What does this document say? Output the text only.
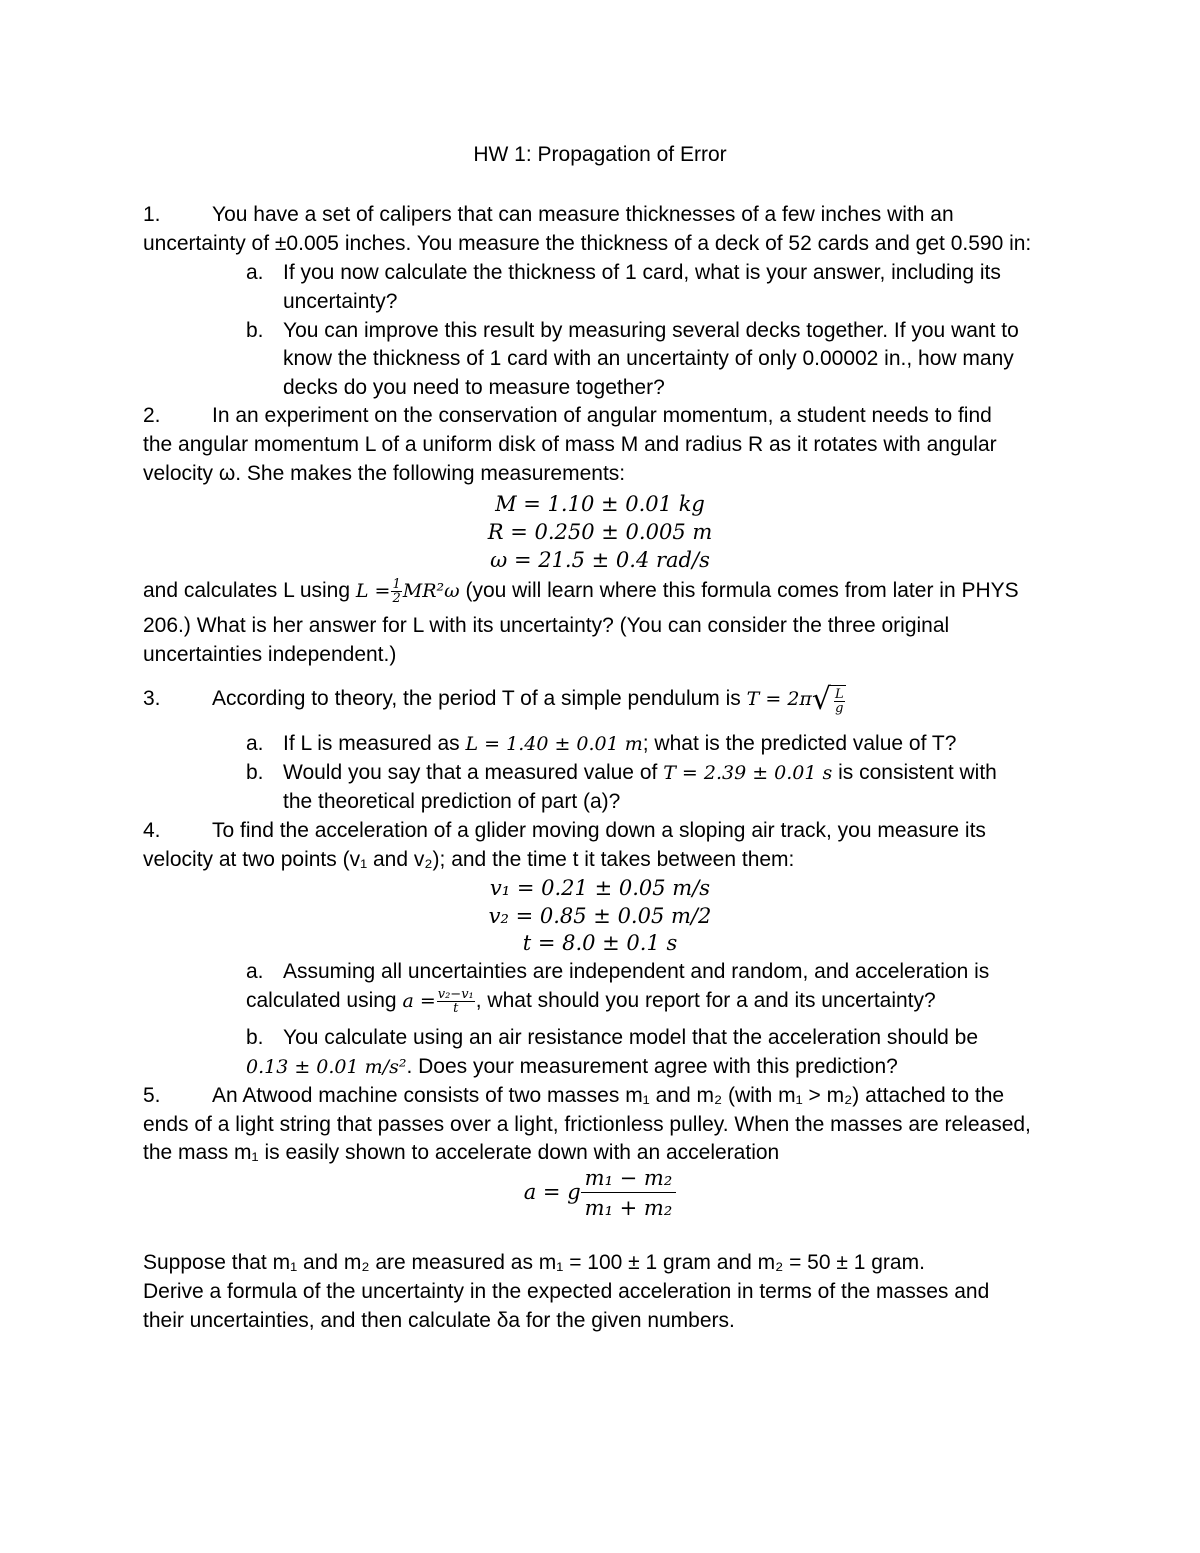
HW 1: Propagation of Error
1. You have a set of calipers that can measure thicknesses of a few inches with an
uncertainty of ±0.005 inches. You measure the thickness of a deck of 52 cards and get 0.590 in:
a. If you now calculate the thickness of 1 card, what is your answer, including its
uncertainty?
b. You can improve this result by measuring several decks together. If you want to
know the thickness of 1 card with an uncertainty of only 0.00002 in., how many
decks do you need to measure together?
2. In an experiment on the conservation of angular momentum, a student needs to find
the angular momentum L of a uniform disk of mass M and radius R as it rotates with angular
velocity ω. She makes the following measurements:
M = 1.10 ± 0.01 kg
R = 0.250 ± 0.005 m
ω = 21.5 ± 0.4 rad/s
and calculates L using $L = \frac{1}{2} MR^2\omega$ (you will learn where this formula comes from later in PHYS
206.) What is her answer for L with its uncertainty? (You can consider the three original
uncertainties independent.)
3. According to theory, the period T of a simple pendulum is $T = 2\pi√ \frac{L}{g}$
a. If L is measured as L = 1.40 ± 0.01 m; what is the predicted value of T?
b. Would you say that a measured value of T = 2.39 ± 0.01 s is consistent with
the theoretical prediction of part (a)?
4. To find the acceleration of a glider moving down a sloping air track, you measure its
velocity at two points (v₁ and v₂); and the time t it takes between them:
v₁ = 0.21 ± 0.05 m/s
v₂ = 0.85 ± 0.05 m/2
t = 8.0 ± 0.1 s
a. Assuming all uncertainties are independent and random, and acceleration is
calculated using $a = \frac{\text{v₂−v₁}}{t}$ , what should you report for a and its uncertainty?
b. You calculate using an air resistance model that the acceleration should be
0.13 ± 0.01 m/s². Does your measurement agree with this prediction?
5. An Atwood machine consists of two masses m₁ and m₂ (with m₁ > m₂) attached to the
ends of a light string that passes over a light, frictionless pulley. When the masses are released,
the mass m₁ is easily shown to accelerate down with an acceleration
a = g $\frac{\text{m₁ − m₂}}{\text{m₁ + m₂}}$
Suppose that m₁ and m₂ are measured as m₁ = 100 ± 1 gram and m₂ = 50 ± 1 gram.
Derive a formula of the uncertainty in the expected acceleration in terms of the masses and
their uncertainties, and then calculate δa for the given numbers.
